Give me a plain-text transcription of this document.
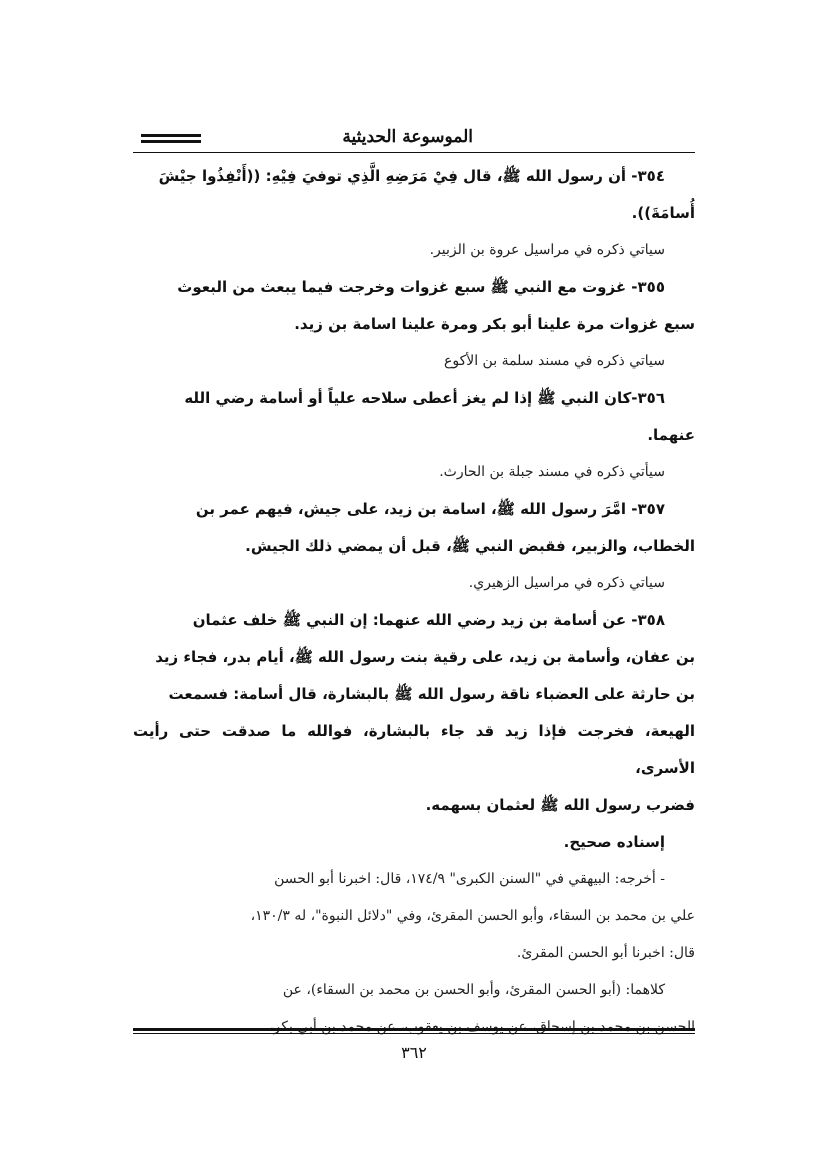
الموسوعة الحديثية

٣٥٤- أن رسول الله ﷺ، قال فِيْ مَرَضِهِ الَّذِي توفيَ فِيْهِ: ((أَنْفِذُوا جيْشَ

أُسامَةَ)).

سياتي ذكره في مراسيل عروة بن الزبير.

٣٥٥- غزوت مع النبي ﷺ سبع غزوات وخرجت فيما يبعث من البعوث

سبع غزوات مرة علينا أبو بكر ومرة علينا اسامة بن زيد.

سياتي ذكره في مسند سلمة بن الأكوع

٣٥٦-كان النبي ﷺ إذا لم يغز أعطى سلاحه علياً أو أسامة رضي الله

عنهما.

سيأتي ذكره في مسند جبلة بن الحارث.

٣٥٧- امَّرَ رسول الله ﷺ، اسامة بن زيد، على جيش، فيهم عمر بن

الخطاب، والزبير، فقبض النبي ﷺ، قبل أن يمضي ذلك الجيش.

سياتي ذكره في مراسيل الزهيري.

٣٥٨- عن أسامة بن زيد رضي الله عنهما: إن النبي ﷺ خلف عثمان

بن عفان، وأسامة بن زيد، على رقية بنت رسول الله ﷺ، أيام بدر، فجاء زيد

بن حارثة على العضباء ناقة رسول الله ﷺ بالبشارة، قال أسامة: فسمعت

الهيعة، فخرجت فإذا زيد قد جاء بالبشارة، فوالله ما صدقت حتى رأيت الأسرى،

فضرب رسول الله ﷺ لعثمان بسهمه.

إسناده صحيح.

- أخرجه: البيهقي في "السنن الكبرى" ١٧٤/٩، قال: اخبرنا أبو الحسن

علي بن محمد بن السقاء، وأبو الحسن المقرئ، وفي "دلائل النبوة"، له ١٣٠/٣،

قال: اخبرنا أبو الحسن المقرئ.

كلاهما: (أبو الحسن المقرئ، وأبو الحسن بن محمد بن السقاء)، عن

الحسن بن محمد بن إسحاق، عن يوسف بن يعقوب، عن محمد بن أبي بكر،

٣٦٢
